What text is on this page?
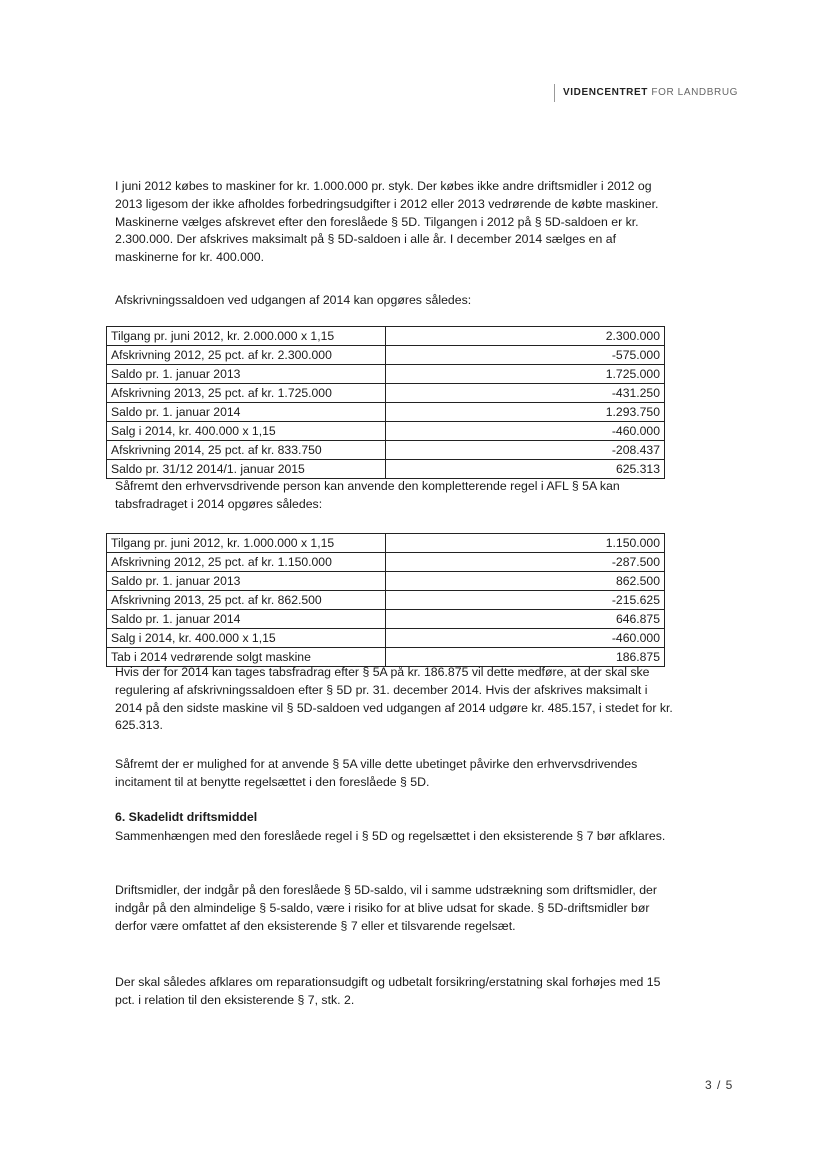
VIDENCENTRET FOR LANDBRUG

I juni 2012 købes to maskiner for kr. 1.000.000 pr. styk. Der købes ikke andre driftsmidler i 2012 og 2013 ligesom der ikke afholdes forbedringsudgifter i 2012 eller 2013 vedrørende de købte maskiner. Maskinerne vælges afskrevet efter den foreslåede § 5D. Tilgangen i 2012 på § 5D-saldoen er kr. 2.300.000. Der afskrives maksimalt på § 5D-saldoen i alle år. I december 2014 sælges en af maskinerne for kr. 400.000.

Afskrivningssaldoen ved udgangen af 2014 kan opgøres således:

Tilgang pr. juni 2012, kr. 2.000.000 x 1,15	2.300.000
Afskrivning 2012, 25 pct. af kr. 2.300.000	-575.000
Saldo pr. 1. januar 2013	1.725.000
Afskrivning 2013, 25 pct. af kr. 1.725.000	-431.250
Saldo pr. 1. januar 2014	1.293.750
Salg i 2014, kr. 400.000 x 1,15	-460.000
Afskrivning 2014, 25 pct. af kr. 833.750	-208.437
Saldo pr. 31/12 2014/1. januar 2015	625.313

Såfremt den erhvervsdrivende person kan anvende den kompletterende regel i AFL § 5A kan tabsfradraget i 2014 opgøres således:

Tilgang pr. juni 2012, kr. 1.000.000 x 1,15	1.150.000
Afskrivning 2012, 25 pct. af kr. 1.150.000	-287.500
Saldo pr. 1. januar 2013	862.500
Afskrivning 2013, 25 pct. af kr. 862.500	-215.625
Saldo pr. 1. januar 2014	646.875
Salg i 2014, kr. 400.000 x 1,15	-460.000
Tab i 2014 vedrørende solgt maskine	186.875

Hvis der for 2014 kan tages tabsfradrag efter § 5A på kr. 186.875 vil dette medføre, at der skal ske regulering af afskrivningssaldoen efter § 5D pr. 31. december 2014. Hvis der afskrives maksimalt i 2014 på den sidste maskine vil § 5D-saldoen ved udgangen af 2014 udgøre kr. 485.157, i stedet for kr. 625.313.

Såfremt der er mulighed for at anvende § 5A ville dette ubetinget påvirke den erhvervsdrivendes incitament til at benytte regelsættet i den foreslåede § 5D.

6. Skadelidt driftsmiddel

Sammenhængen med den foreslåede regel i § 5D og regelsættet i den eksisterende § 7 bør afklares.

Driftsmidler, der indgår på den foreslåede § 5D-saldo, vil i samme udstrækning som driftsmidler, der indgår på den almindelige § 5-saldo, være i risiko for at blive udsat for skade. § 5D-driftsmidler bør derfor være omfattet af den eksisterende § 7 eller et tilsvarende regelsæt.

Der skal således afklares om reparationsudgift og udbetalt forsikring/erstatning skal forhøjes med 15 pct. i relation til den eksisterende § 7, stk. 2.

3 / 5
